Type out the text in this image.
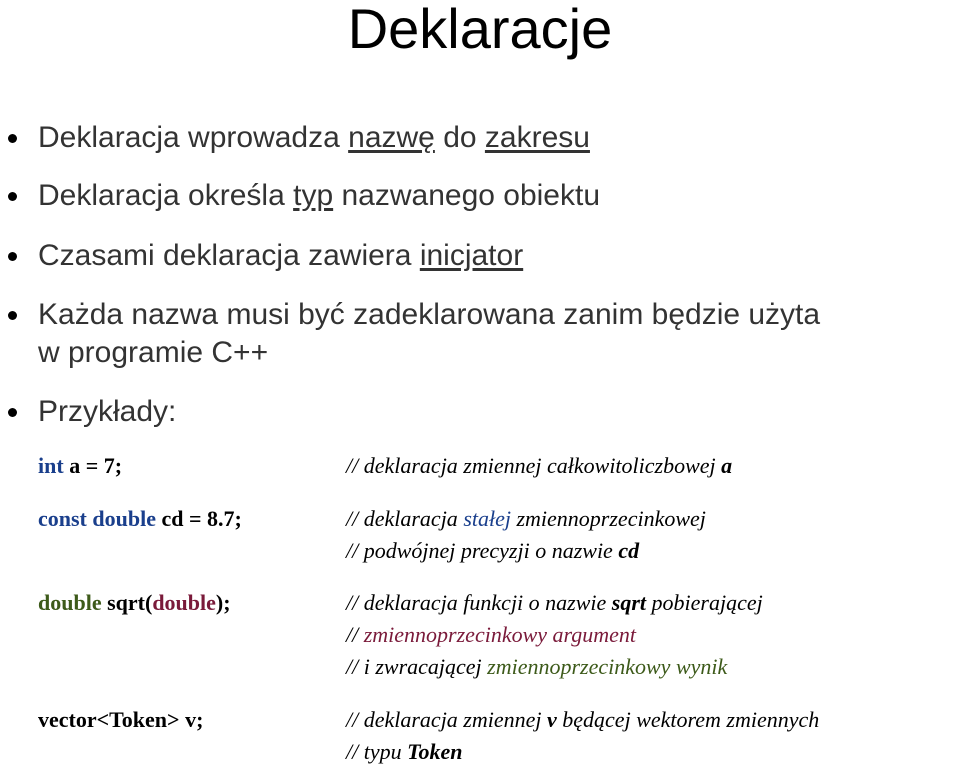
Deklaracje
Deklaracja wprowadza nazwę do zakresu
Deklaracja określa typ nazwanego obiektu
Czasami deklaracja zawiera inicjator
Każda nazwa musi być zadeklarowana zanim będzie użyta
w programie C++
Przykłady:
int a = 7;	// deklaracja zmiennej całkowitoliczbowej a
const double cd = 8.7;	// deklaracja stałej zmiennoprzecinkowej
// podwójnej precyzji o nazwie cd
double sqrt(double);	// deklaracja funkcji o nazwie sqrt pobierającej
// zmiennoprzecinkowy argument
// i zwracającej zmiennoprzecinkowy wynik
vector<Token> v;	// deklaracja zmiennej v będącej wektorem zmiennych
// typu Token
